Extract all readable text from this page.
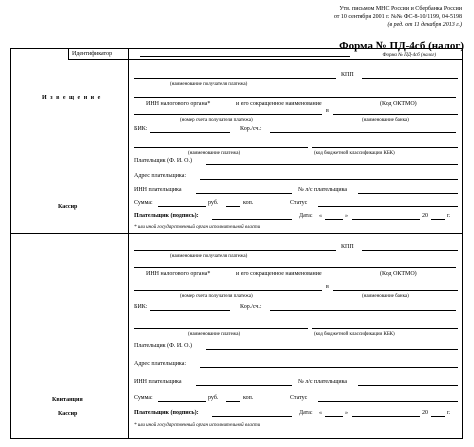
Утв. письмом МНС России и Сбербанка России
от 10 сентября 2001 г. №№ ФС-8-10/1199, 04-5198
(в ред. от 11 декабря 2013 г.)
Форма № ПД-4сб (налог)
Идентификатор	Форма № ПД-4сб (налог)
И з в е щ е н и е
Кассир
Квитанция
Кассир
КПП
(наименование получателя платежа)
ИНН налогового органа*	и его сокращенное наименование	(Код ОКТМО)
в
(номер счета получателя платежа)	(наименование банка)
БИК:	Кор./сч.:
(наименование платежа)	(код бюджетной классификации КБК)
Плательщик (Ф. И. О.)
Адрес плательщика:
ИНН плательщика	№ л/с плательщика
Сумма:	руб.	коп.	Статус
Плательщик (подпись):	Дата: «	»	20	г.
* или иной государственный орган исполнительной власти
КПП
(наименование получателя платежа)
ИНН налогового органа*	и его сокращенное наименование	(Код ОКТМО)
в
(номер счета получателя платежа)	(наименование банка)
БИК:	Кор./сч.:
(наименование платежа)	(код бюджетной классификации КБК)
Плательщик (Ф. И. О.)
Адрес плательщика:
ИНН плательщика	№ л/с плательщика
Сумма:	руб.	коп.	Статус
Плательщик (подпись):	Дата: «	»	20	г.
* или иной государственный орган исполнительной власти
